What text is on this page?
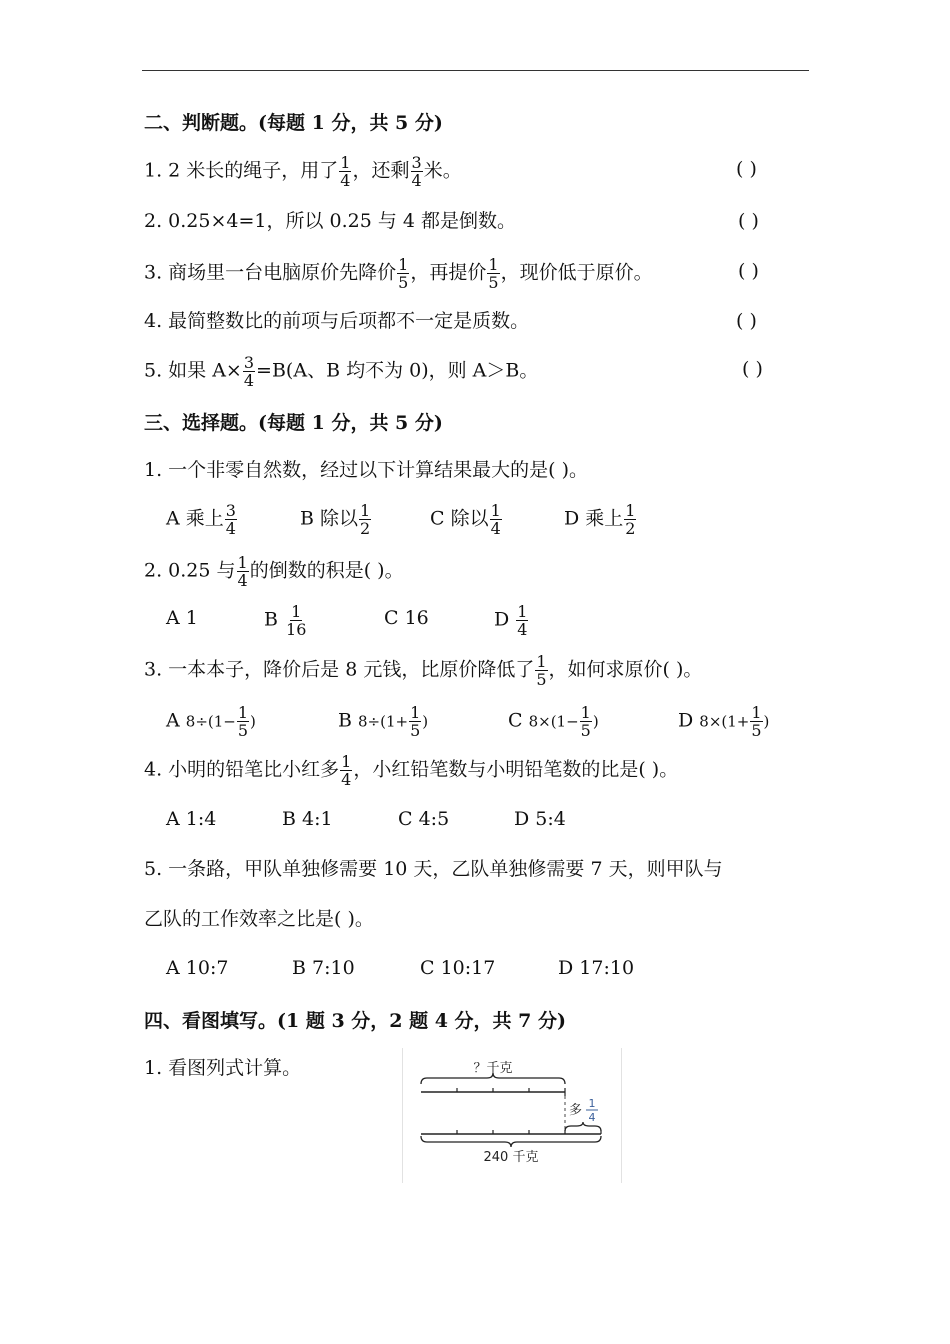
二、判断题。(每题 1 分，共 5 分)
1. 2 米长的绳子，用了 $\frac{1}{4}$ ，还剩 $\frac{3}{4}$ 米。	( )
2. 0.25×4=1，所以 0.25 与 4 都是倒数。	( )
3. 商场里一台电脑原价先降价 $\frac{1}{5}$ ，再提价 $\frac{1}{5}$ ，现价低于原价。	( )
4. 最简整数比的前项与后项都不一定是质数。	( )
5. 如果 $A\times \frac{3}{4} =B(A$、B 均不为 0)，则 A＞B。	( )
三、选择题。(每题 1 分，共 5 分)
1. 一个非零自然数，经过以下计算结果最大的是( )。
A 乘上 $\frac{3}{4}$	B 除以 $\frac{1}{2}$	C 除以 $\frac{1}{4}$	D 乘上 $\frac{1}{2}$
2. 0.25 与 $\frac{1}{4}$ 的倒数的积是( )。
A 1	B $\frac{1}{16}$	C 16	D $\frac{1}{4}$
3. 一本本子，降价后是 8 元钱，比原价降低了 $\frac{1}{5}$ ，如何求原价( )。
A $8\div(1- \frac{1}{5}$ )	B $8\div(1+ \frac{1}{5}$ )	C $8\times(1- \frac{1}{5}$ )	D $8\times(1+ \frac{1}{5}$ )
4. 小明的铅笔比小红多 $\frac{1}{4}$ ，小红铅笔数与小明铅笔数的比是( )。
A 1:4	B 4:1	C 4:5	D 5:4
5. 一条路，甲队单独修需要 10 天，乙队单独修需要 7 天，则甲队与
乙队的工作效率之比是( )。
A 10:7	B 7:10	C 10:17	D 17:10
四、看图填写。(1 题 3 分，2 题 4 分，共 7 分)
1. 看图列式计算。	？千克
多 1
4
240 千克
